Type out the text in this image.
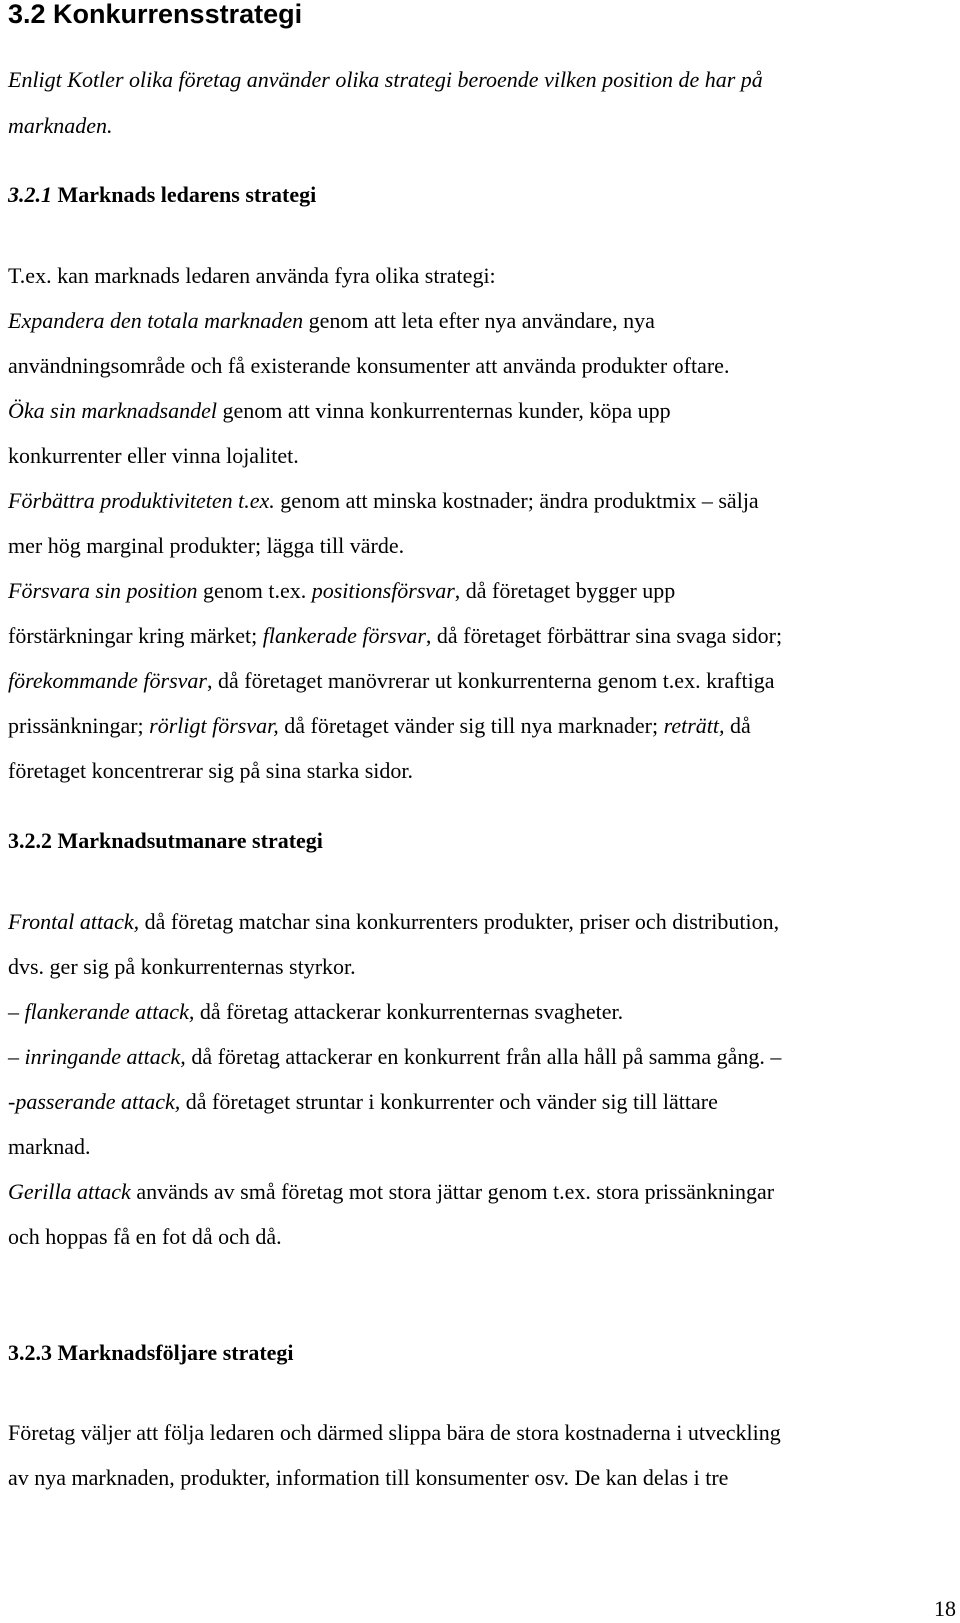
3.2 Konkurrensstrategi

Enligt Kotler olika företag använder olika strategi beroende vilken position de har på

marknaden.

3.2.1 Marknads ledarens strategi

T.ex. kan marknads ledaren använda fyra olika strategi:

Expandera den totala marknaden genom att leta efter nya användare, nya

användningsområde och få existerande konsumenter att använda produkter oftare.

Öka sin marknadsandel genom att vinna konkurrenternas kunder, köpa upp

konkurrenter eller vinna lojalitet.

Förbättra produktiviteten t.ex. genom att minska kostnader; ändra produktmix – sälja

mer hög marginal produkter; lägga till värde.

Försvara sin position genom t.ex. positionsförsvar, då företaget bygger upp

förstärkningar kring märket; flankerade försvar, då företaget förbättrar sina svaga sidor;

förekommande försvar, då företaget manövrerar ut konkurrenterna genom t.ex. kraftiga

prissänkningar; rörligt försvar, då företaget vänder sig till nya marknader; reträtt, då

företaget koncentrerar sig på sina starka sidor.

3.2.2 Marknadsutmanare strategi

Frontal attack, då företag matchar sina konkurrenters produkter, priser och distribution,

dvs. ger sig på konkurrenternas styrkor.

– flankerande attack, då företag attackerar konkurrenternas svagheter.

– inringande attack, då företag attackerar en konkurrent från alla håll på samma gång. –

-passerande attack, då företaget struntar i konkurrenter och vänder sig till lättare

marknad.

Gerilla attack används av små företag mot stora jättar genom t.ex. stora prissänkningar

och hoppas få en fot då och då.

3.2.3 Marknadsföljare strategi

Företag väljer att följa ledaren och därmed slippa bära de stora kostnaderna i utveckling

av nya marknaden, produkter, information till konsumenter osv. De kan delas i tre

18
